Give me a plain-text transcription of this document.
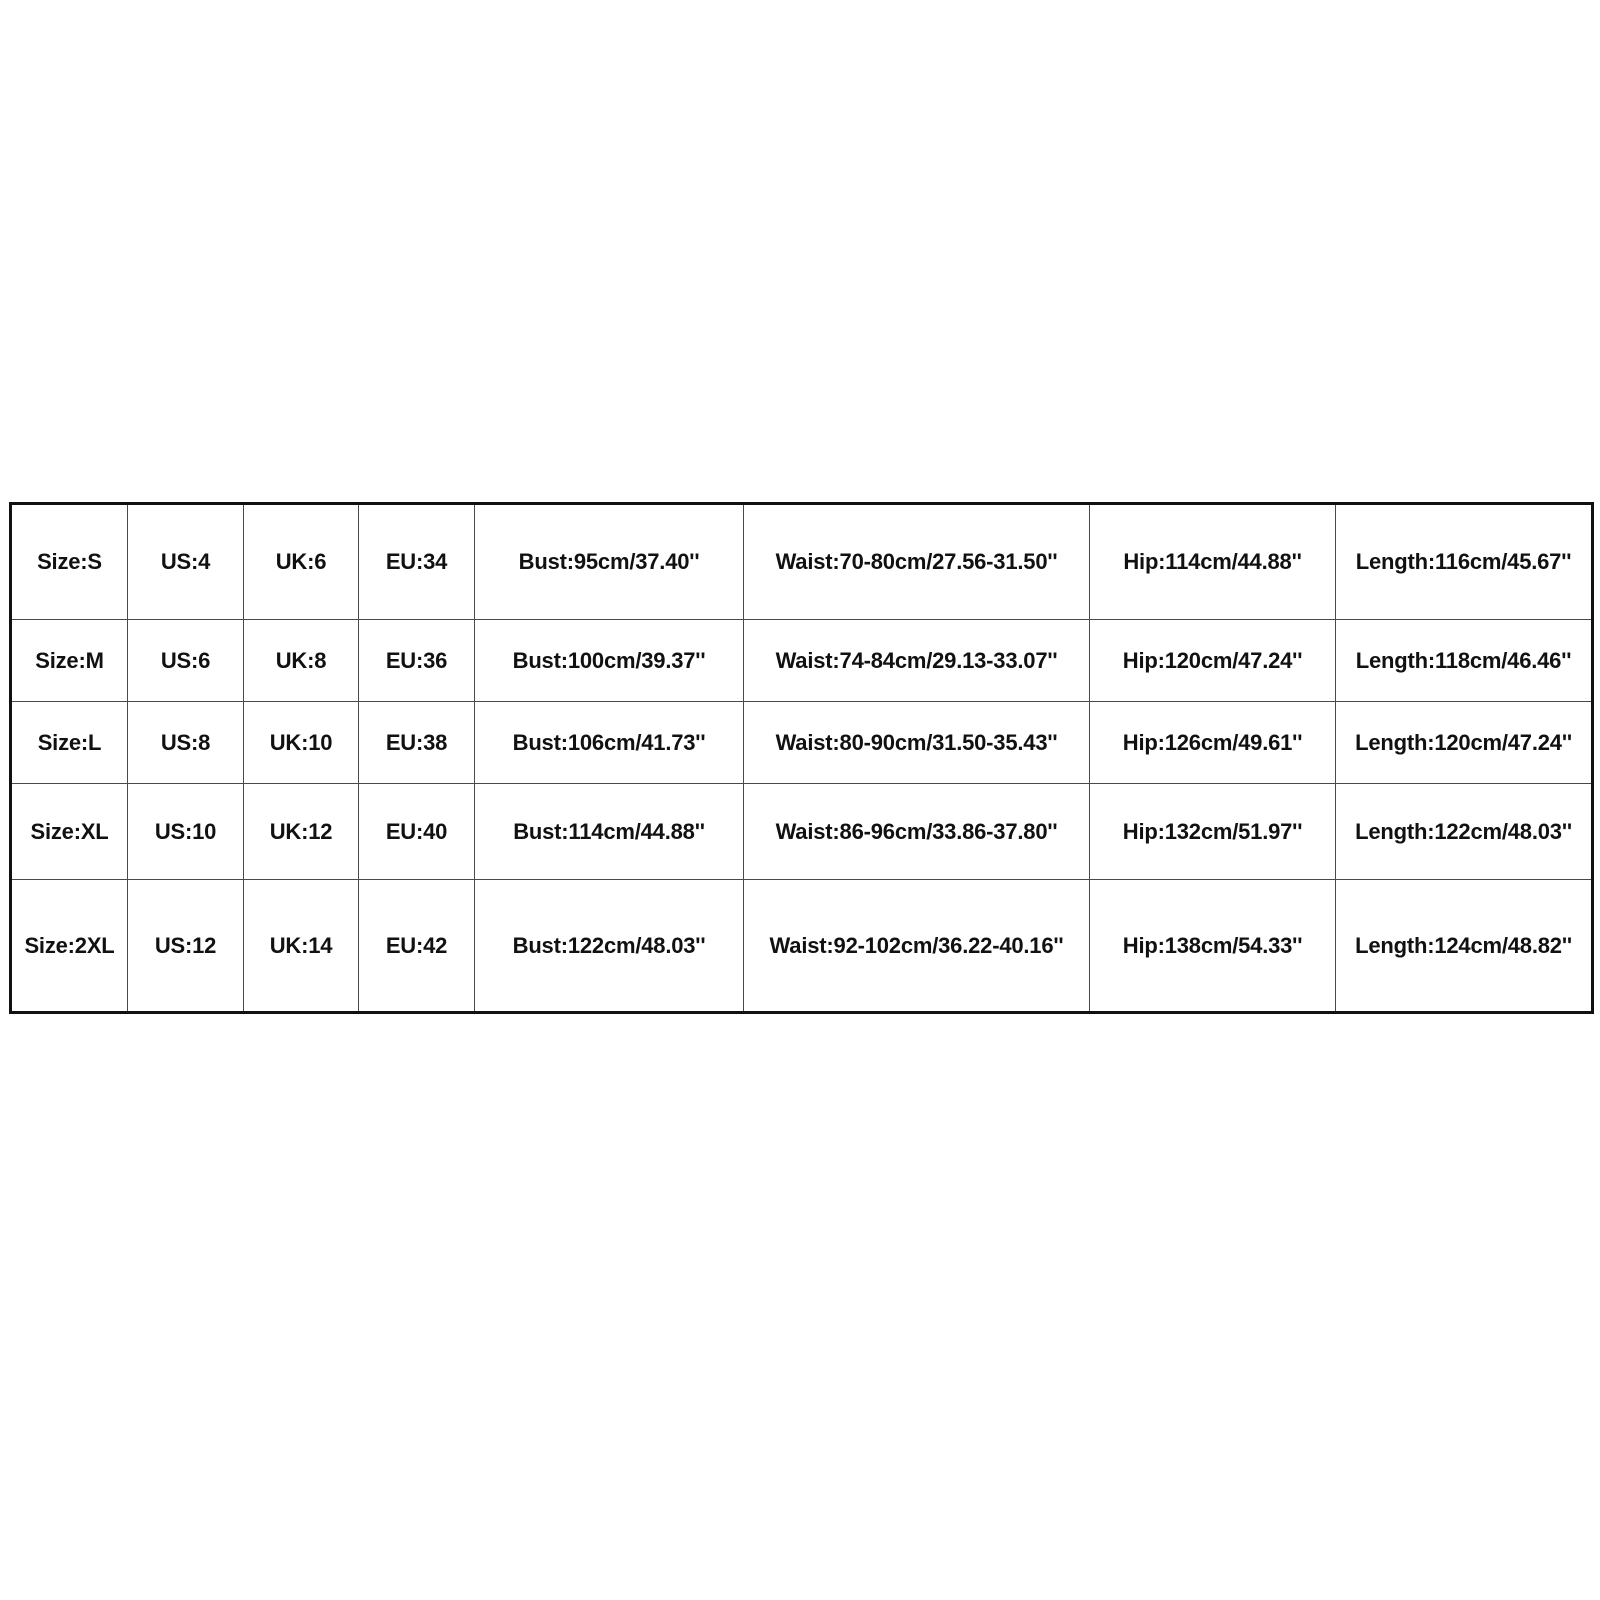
Size:S	US:4	UK:6	EU:34	Bust:95cm/37.40''	Waist:70-80cm/27.56-31.50''	Hip:114cm/44.88''	Length:116cm/45.67''
Size:M	US:6	UK:8	EU:36	Bust:100cm/39.37''	Waist:74-84cm/29.13-33.07''	Hip:120cm/47.24''	Length:118cm/46.46''
Size:L	US:8	UK:10	EU:38	Bust:106cm/41.73''	Waist:80-90cm/31.50-35.43''	Hip:126cm/49.61''	Length:120cm/47.24''
Size:XL	US:10	UK:12	EU:40	Bust:114cm/44.88''	Waist:86-96cm/33.86-37.80''	Hip:132cm/51.97''	Length:122cm/48.03''
Size:2XL	US:12	UK:14	EU:42	Bust:122cm/48.03''	Waist:92-102cm/36.22-40.16''	Hip:138cm/54.33''	Length:124cm/48.82''
